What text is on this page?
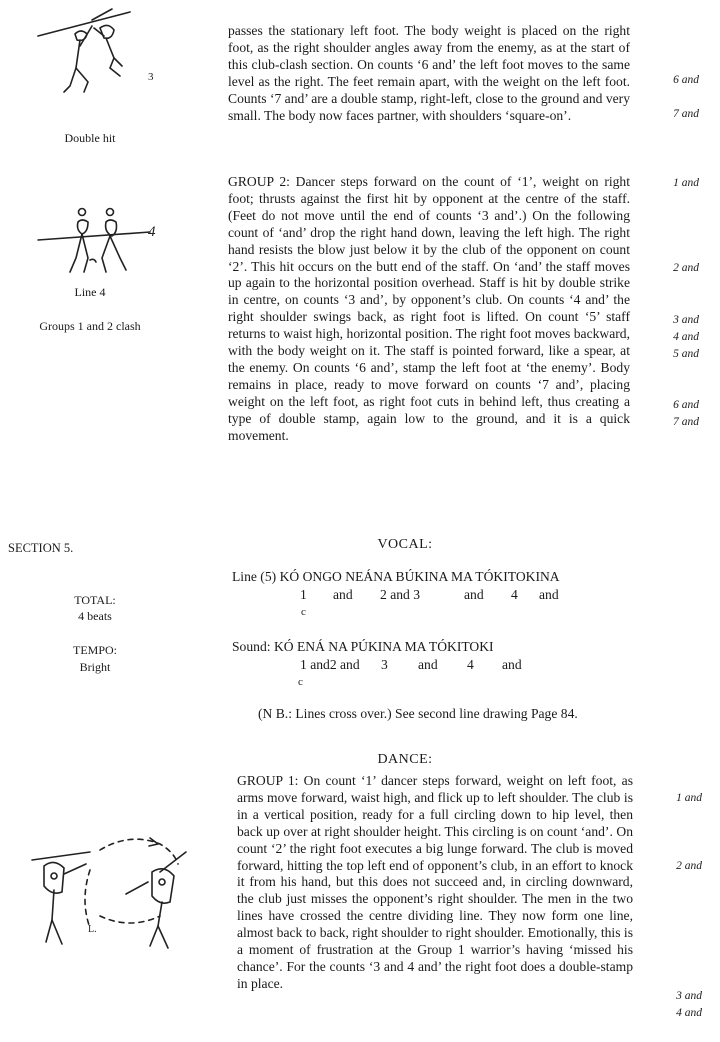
3
Double hit
4
Line 4
Groups 1 and 2 clash

passes the stationary left foot. The body weight is placed on the right foot, as the right shoulder angles away from the enemy, as at the start of this club-clash section. On counts ‘6 and’ the left foot moves to the same level as the right. The feet remain apart, with the weight on the left foot. Counts ‘7 and’ are a double stamp, right-left, close to the ground and very small. The body now faces partner, with shoulders ‘square-on’.

6 and
7 and

GROUP 2: Dancer steps forward on the count of ‘1’, weight on right foot; thrusts against the first hit by opponent at the centre of the staff. (Feet do not move until the end of counts ‘3 and’.) On the following count of ‘and’ drop the right hand down, leaving the left high. The right hand resists the blow just below it by the club of the opponent on count ‘2’. This hit occurs on the butt end of the staff. On ‘and’ the staff moves up again to the horizontal position overhead. Staff is hit by double strike in centre, on counts ‘3 and’, by opponent’s club. On counts ‘4 and’ the right shoulder swings back, as right foot is lifted. On count ‘5’ staff returns to waist high, horizontal position. The right foot moves backward, with the body weight on it. The staff is pointed forward, like a spear, at the enemy. On counts ‘6 and’, stamp the left foot at ‘the enemy’. Body remains in place, ready to move forward on counts ‘7 and’, placing weight on the left foot, as right foot cuts in behind left, thus creating a type of double stamp, again low to the ground, and it is a quick movement.

1 and
2 and
3 and
4 and
5 and
6 and
7 and
SECTION 5.	VOCAL:
TOTAL:
4 beats
TEMPO:
Bright
Line (5) KÓ ONGO NEÁNA BÚKINA MA TÓKITOKINA
1 and 2 and 3	and 4 and
c
Sound: KÓ ENÁ NA PÚKINA MA TÓKITOKI
1 and2 and 3 and 4 and
c
(N B.: Lines cross over.) See second line drawing Page 84.
DANCE:
L.

GROUP 1: On count ‘1’ dancer steps forward, weight on left foot, as arms move forward, waist high, and flick up to left shoulder. The club is in a vertical position, ready for a full circling down to hip level, then back up over at right shoulder height. This circling is on count ‘and’. On count ‘2’ the right foot executes a big lunge forward. The club is moved forward, hitting the top left end of opponent’s club, in an effort to knock it from his hand, but this does not succeed and, in circling downward, the club just misses the opponent’s right shoulder. The men in the two lines have crossed the centre dividing line. They now form one line, almost back to back, right shoulder to right shoulder. Emotionally, this is a moment of frustration at the Group 1 warrior’s having ‘missed his chance’. For the counts ‘3 and 4 and’ the right foot does a double-stamp in place.

1 and
2 and
3 and
4 and
